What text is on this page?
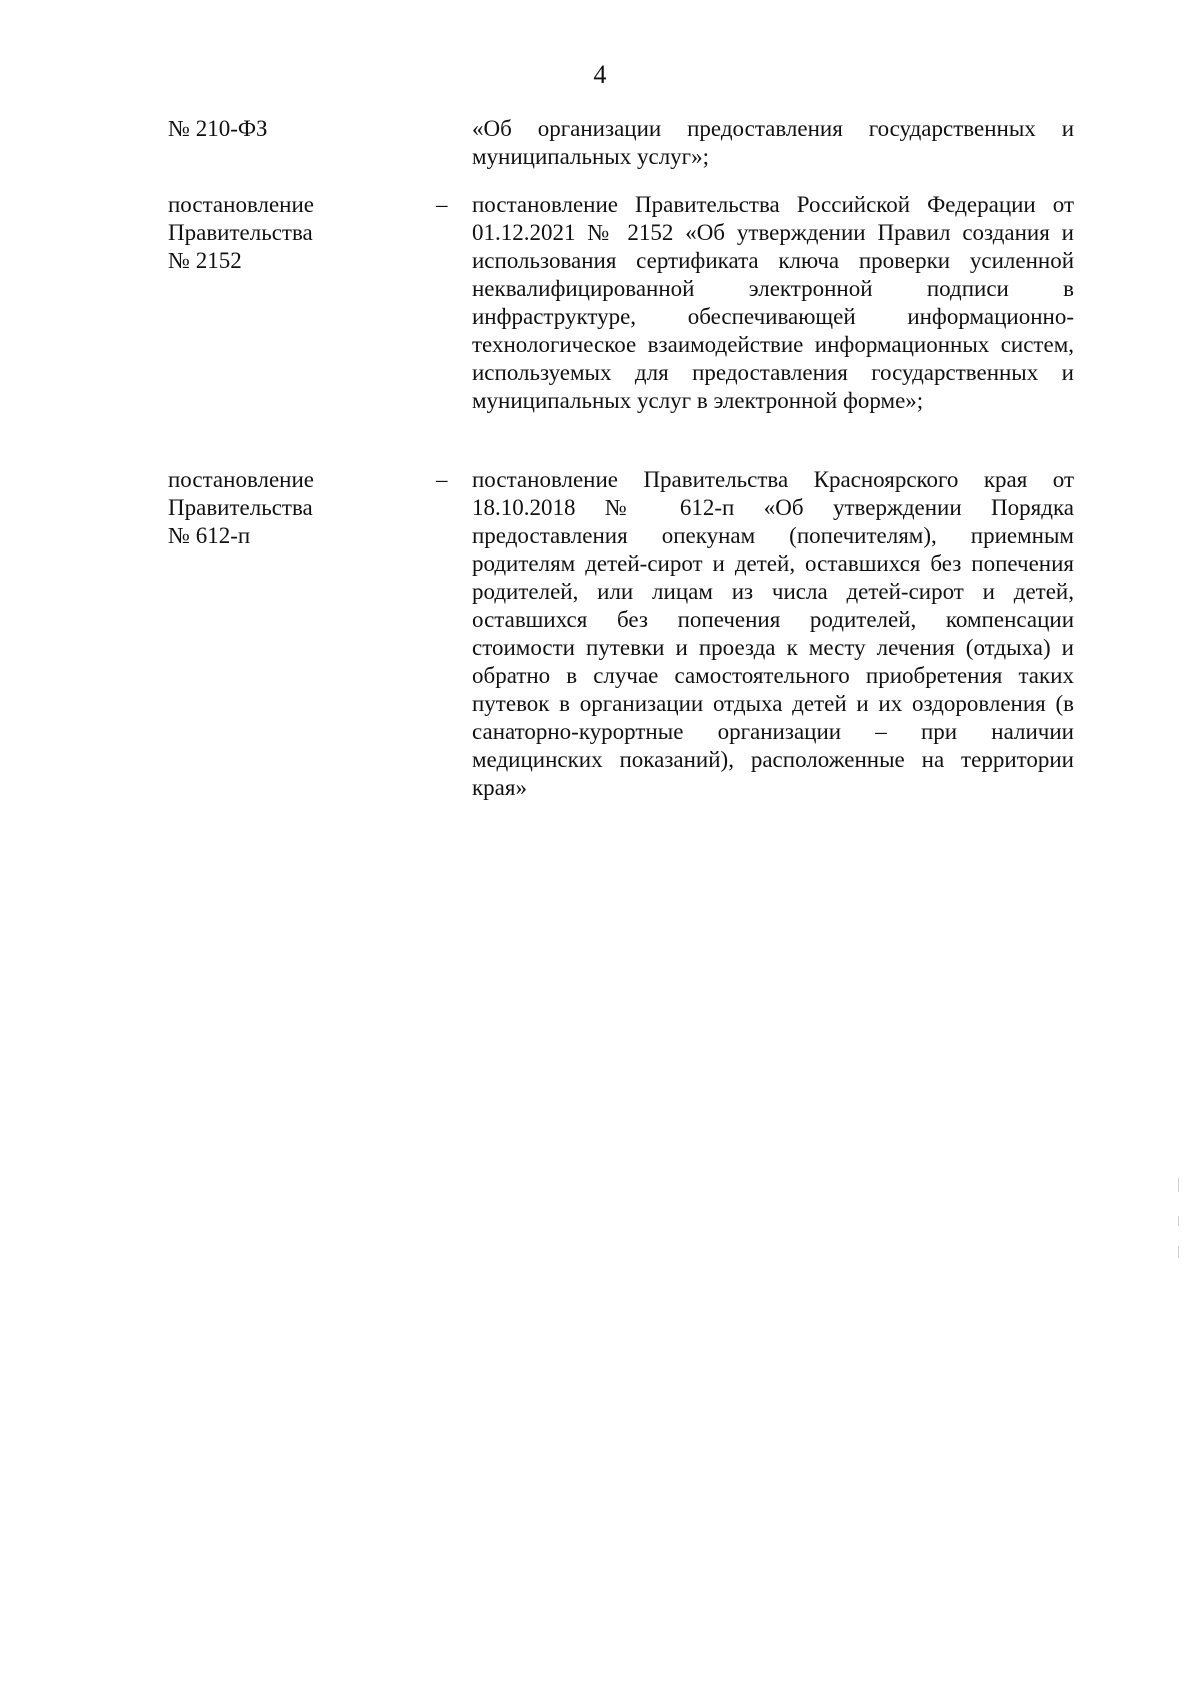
4
№ 210-ФЗ	«Об организации предоставления государственных и муниципальных услуг»;
постановление
Правительства
№ 2152
– постановление Правительства Российской Федерации от 01.12.2021 № 2152 «Об утверждении Правил создания и использования сертификата ключа проверки усиленной неквалифицированной электронной подписи в инфраструктуре, обеспечивающей информационно-технологическое взаимодействие информационных систем, используемых для предоставления государственных и муниципальных услуг в электронной форме»;
постановление
Правительства
№ 612-п
– постановление Правительства Красноярского края от 18.10.2018 № 612-п «Об утверждении Порядка предоставления опекунам (попечителям), приемным родителям детей-сирот и детей, оставшихся без попечения родителей, или лицам из числа детей-сирот и детей, оставшихся без попечения родителей, компенсации стоимости путевки и проезда к месту лечения (отдыха) и обратно в случае самостоятельного приобретения таких путевок в организации отдыха детей и их оздоровления (в санаторно-курортные организации – при наличии медицинских показаний), расположенные на территории края»
